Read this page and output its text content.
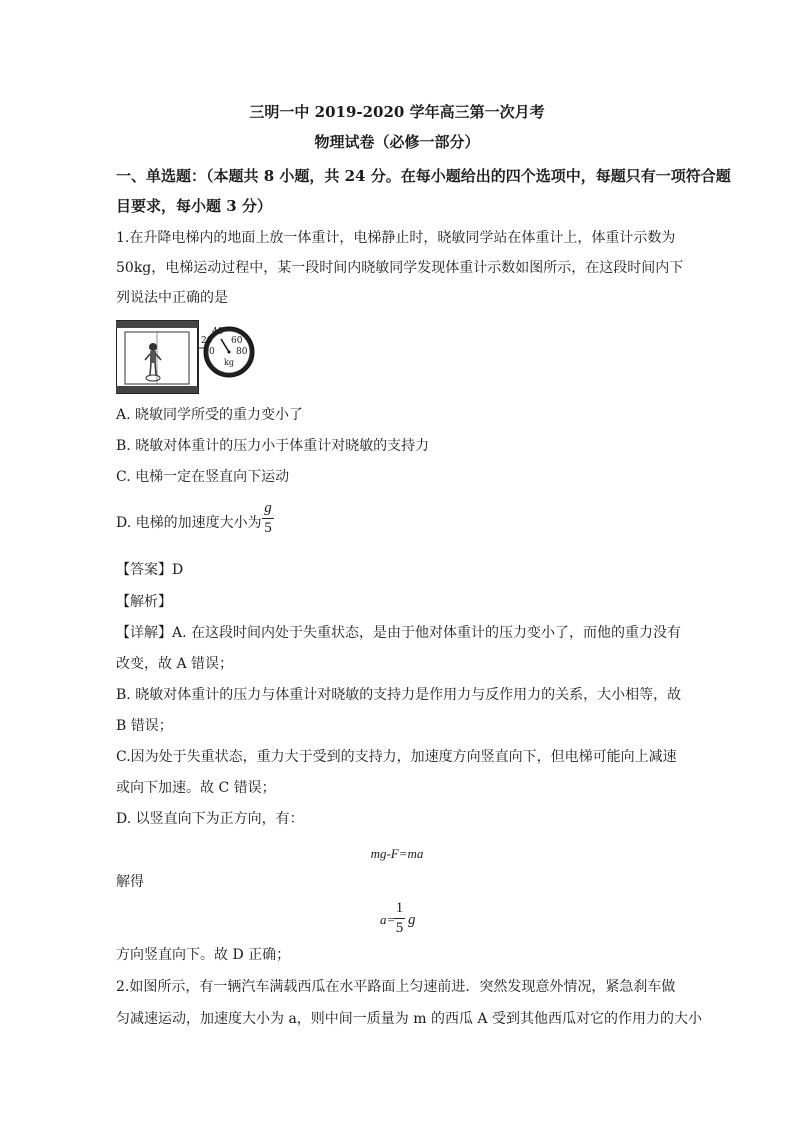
三明一中 2019-2020 学年高三第一次月考
物理试卷（必修一部分）
一、单选题：（本题共 8 小题，共 24 分。在每小题给出的四个选项中，每题只有一项符合题
目要求，每小题 3 分）
1.在升降电梯内的地面上放一体重计，电梯静止时，晓敏同学站在体重计上，体重计示数为
50kg，电梯运动过程中，某一段时间内晓敏同学发现体重计示数如图所示，在这段时间内下
列说法中正确的是
40
20 60
0 80
kg
A. 晓敏同学所受的重力变小了
B. 晓敏对体重计的压力小于体重计对晓敏的支持力
C. 电梯一定在竖直向下运动
D. 电梯的加速度大小为
g
5
【答案】D
【解析】
【详解】A. 在这段时间内处于失重状态，是由于他对体重计的压力变小了，而他的重力没有
改变，故 A 错误；
B. 晓敏对体重计的压力与体重计对晓敏的支持力是作用力与反作用力的关系，大小相等，故
B 错误；
C.因为处于失重状态，重力大于受到的支持力，加速度方向竖直向下，但电梯可能向上减速
或向下加速。故 C 错误；
D. 以竖直向下为正方向，有：
mg-F=ma
解得
a=
1
5 g
方向竖直向下。故 D 正确；
2.如图所示，有一辆汽车满载西瓜在水平路面上匀速前进．突然发现意外情况，紧急刹车做
匀减速运动，加速度大小为 a，则中间一质量为 m 的西瓜 A 受到其他西瓜对它的作用力的大小
